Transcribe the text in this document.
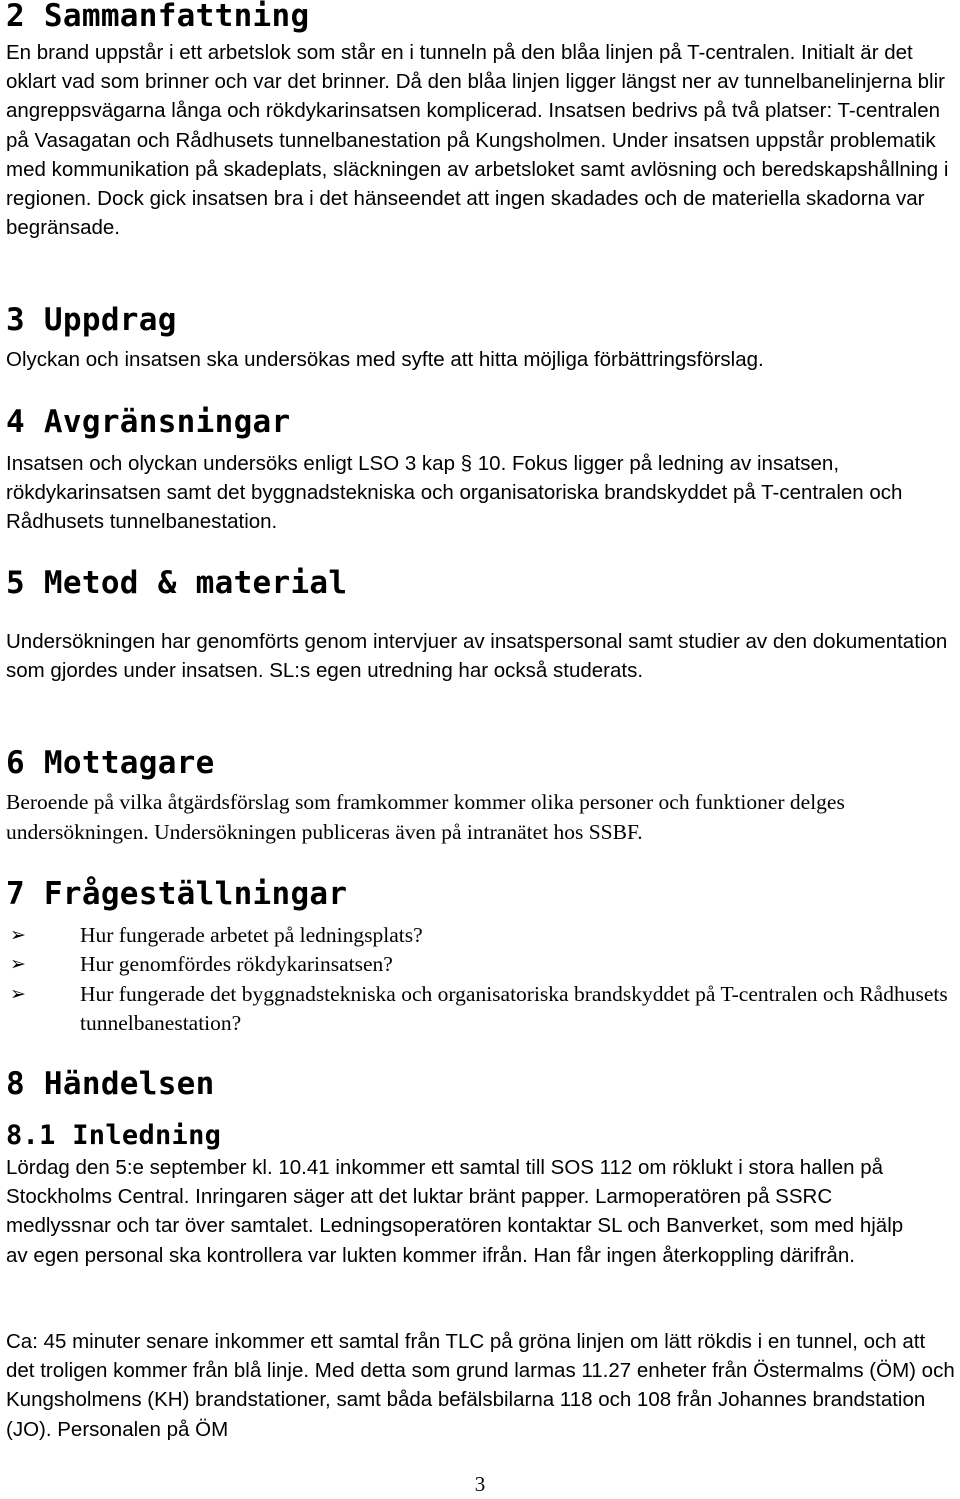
2 Sammanfattning

En brand uppstår i ett arbetslok som står en i tunneln på den blåa linjen på T-centralen. Initialt är det oklart vad som brinner och var det brinner. Då den blåa linjen ligger längst ner av tunnelbanelinjerna blir angreppsvägarna långa och rökdykarinsatsen komplicerad. Insatsen bedrivs på två platser: T-centralen på Vasagatan och Rådhusets tunnelbanestation på Kungsholmen. Under insatsen uppstår problematik med kommunikation på skadeplats, släckningen av arbetsloket samt avlösning och beredskapshållning i regionen. Dock gick insatsen bra i det hänseendet att ingen skadades och de materiella skadorna var begränsade.

3 Uppdrag

Olyckan och insatsen ska undersökas med syfte att hitta möjliga förbättringsförslag.

4 Avgränsningar

Insatsen och olyckan undersöks enligt LSO 3 kap § 10. Fokus ligger på ledning av insatsen, rökdykarinsatsen samt det byggnadstekniska och organisatoriska brandskyddet på T-centralen och Rådhusets tunnelbanestation.

5 Metod & material

Undersökningen har genomförts genom intervjuer av insatspersonal samt studier av den dokumentation som gjordes under insatsen. SL:s egen utredning har också studerats.

6 Mottagare

Beroende på vilka åtgärdsförslag som framkommer kommer olika personer och funktioner delges undersökningen. Undersökningen publiceras även på intranätet hos SSBF.

7 Frågeställningar
➢	Hur fungerade arbetet på ledningsplats?
➢	Hur genomfördes rökdykarinsatsen?
➢	Hur fungerade det byggnadstekniska och organisatoriska brandskyddet på T-centralen och Rådhusets tunnelbanestation?
8 Händelsen
8.1 Inledning

Lördag den 5:e september kl. 10.41 inkommer ett samtal till SOS 112 om röklukt i stora hallen på Stockholms Central. Inringaren säger att det luktar bränt papper. Larmoperatören på SSRC medlyssnar och tar över samtalet. Ledningsoperatören kontaktar SL och Banverket, som med hjälp av egen personal ska kontrollera var lukten kommer ifrån. Han får ingen återkoppling därifrån.

Ca: 45 minuter senare inkommer ett samtal från TLC på gröna linjen om lätt rökdis i en tunnel, och att det troligen kommer från blå linje. Med detta som grund larmas 11.27 enheter från Östermalms (ÖM) och Kungsholmens (KH) brandstationer, samt båda befälsbilarna 118 och 108 från Johannes brandstation (JO). Personalen på ÖM

3
